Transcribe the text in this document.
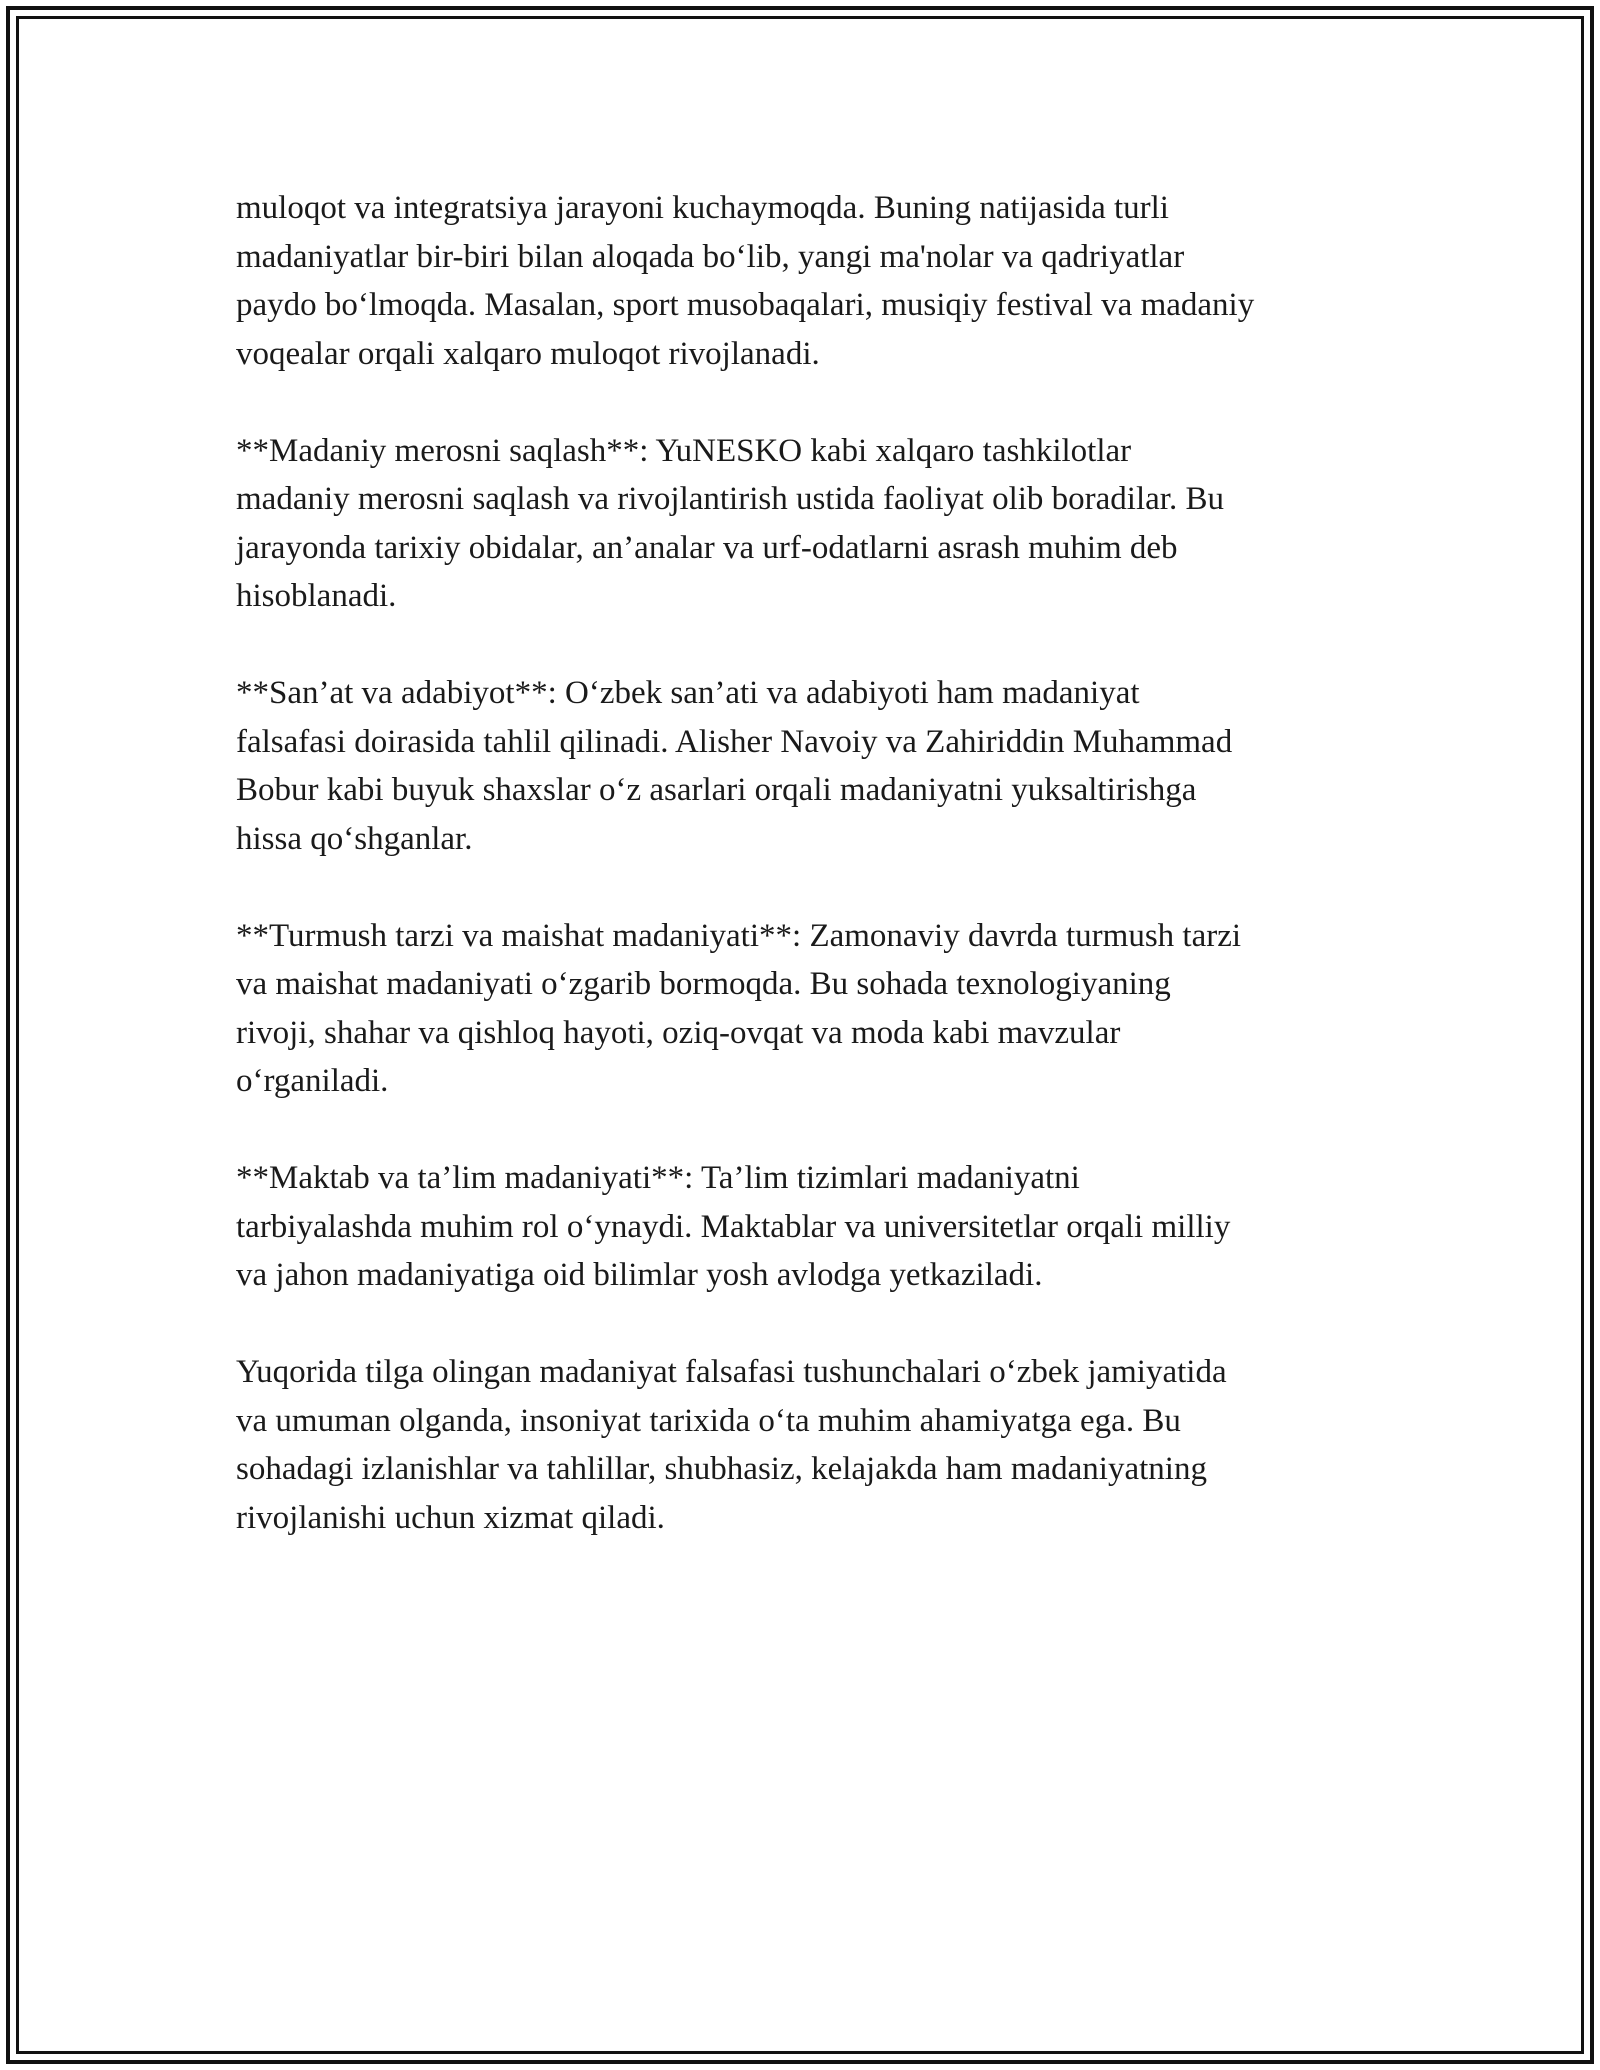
muloqot va integratsiya jarayoni kuchaymoqda. Buning natijasida turli
madaniyatlar bir-biri bilan aloqada boʻlib, yangi ma'nolar va qadriyatlar
paydo boʻlmoqda. Masalan, sport musobaqalari, musiqiy festival va madaniy
voqealar orqali xalqaro muloqot rivojlanadi.

**Madaniy merosni saqlash**: YuNESKO kabi xalqaro tashkilotlar
madaniy merosni saqlash va rivojlantirish ustida faoliyat olib boradilar. Bu
jarayonda tarixiy obidalar, an’analar va urf-odatlarni asrash muhim deb
hisoblanadi.

**San’at va adabiyot**: Oʻzbek san’ati va adabiyoti ham madaniyat
falsafasi doirasida tahlil qilinadi. Alisher Navoiy va Zahiriddin Muhammad
Bobur kabi buyuk shaxslar oʻz asarlari orqali madaniyatni yuksaltirishga
hissa qoʻshganlar.

**Turmush tarzi va maishat madaniyati**: Zamonaviy davrda turmush tarzi
va maishat madaniyati oʻzgarib bormoqda. Bu sohada texnologiyaning
rivoji, shahar va qishloq hayoti, oziq-ovqat va moda kabi mavzular
oʻrganiladi.

**Maktab va ta’lim madaniyati**: Ta’lim tizimlari madaniyatni
tarbiyalashda muhim rol oʻynaydi. Maktablar va universitetlar orqali milliy
va jahon madaniyatiga oid bilimlar yosh avlodga yetkaziladi.

Yuqorida tilga olingan madaniyat falsafasi tushunchalari oʻzbek jamiyatida
va umuman olganda, insoniyat tarixida oʻta muhim ahamiyatga ega. Bu
sohadagi izlanishlar va tahlillar, shubhasiz, kelajakda ham madaniyatning
rivojlanishi uchun xizmat qiladi.
